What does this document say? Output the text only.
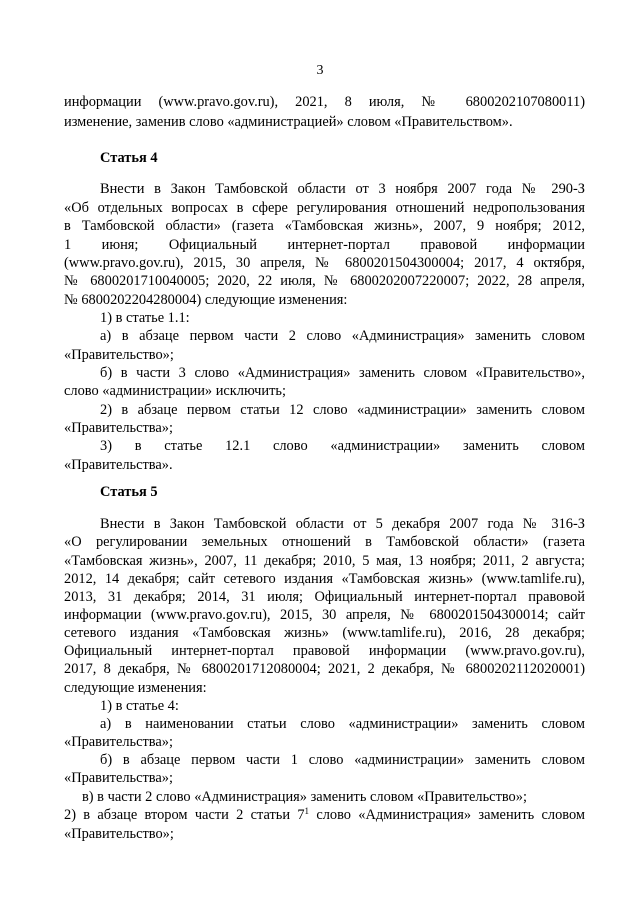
3
информации (www.pravo.gov.ru), 2021, 8 июля, № 6800202107080011)
изменение, заменив слово «администрацией» словом «Правительством».
Статья 4
Внести в Закон Тамбовской области от 3 ноября 2007 года № 290-З
«Об отдельных вопросах в сфере регулирования отношений недропользования
в Тамбовской области» (газета «Тамбовская жизнь», 2007, 9 ноября; 2012,
1 июня; Официальный интернет-портал правовой информации
(www.pravo.gov.ru), 2015, 30 апреля, № 6800201504300004; 2017, 4 октября,
№ 6800201710040005; 2020, 22 июля, № 6800202007220007; 2022, 28 апреля,
№ 6800202204280004) следующие изменения:
1) в статье 1.1:
а) в абзаце первом части 2 слово «Администрация» заменить словом
«Правительство»;
б) в части 3 слово «Администрация» заменить словом «Правительство»,
слово «администрации» исключить;
2) в абзаце первом статьи 12 слово «администрации» заменить словом
«Правительства»;
3) в статье 12.1 слово «администрации» заменить словом
«Правительства».
Статья 5
Внести в Закон Тамбовской области от 5 декабря 2007 года № 316-З
«О регулировании земельных отношений в Тамбовской области» (газета
«Тамбовская жизнь», 2007, 11 декабря; 2010, 5 мая, 13 ноября; 2011, 2 августа;
2012, 14 декабря; сайт сетевого издания «Тамбовская жизнь» (www.tamlife.ru),
2013, 31 декабря; 2014, 31 июля; Официальный интернет-портал правовой
информации (www.pravo.gov.ru), 2015, 30 апреля, № 6800201504300014; сайт
сетевого издания «Тамбовская жизнь» (www.tamlife.ru), 2016, 28 декабря;
Официальный интернет-портал правовой информации (www.pravo.gov.ru),
2017, 8 декабря, № 6800201712080004; 2021, 2 декабря, № 6800202112020001)
следующие изменения:
1) в статье 4:
а) в наименовании статьи слово «администрации» заменить словом
«Правительства»;
б) в абзаце первом части 1 слово «администрации» заменить словом
«Правительства»;
в) в части 2 слово «Администрация» заменить словом «Правительство»;
2) в абзаце втором части 2 статьи $7^1$ слово «Администрация» заменить словом
«Правительство»;
